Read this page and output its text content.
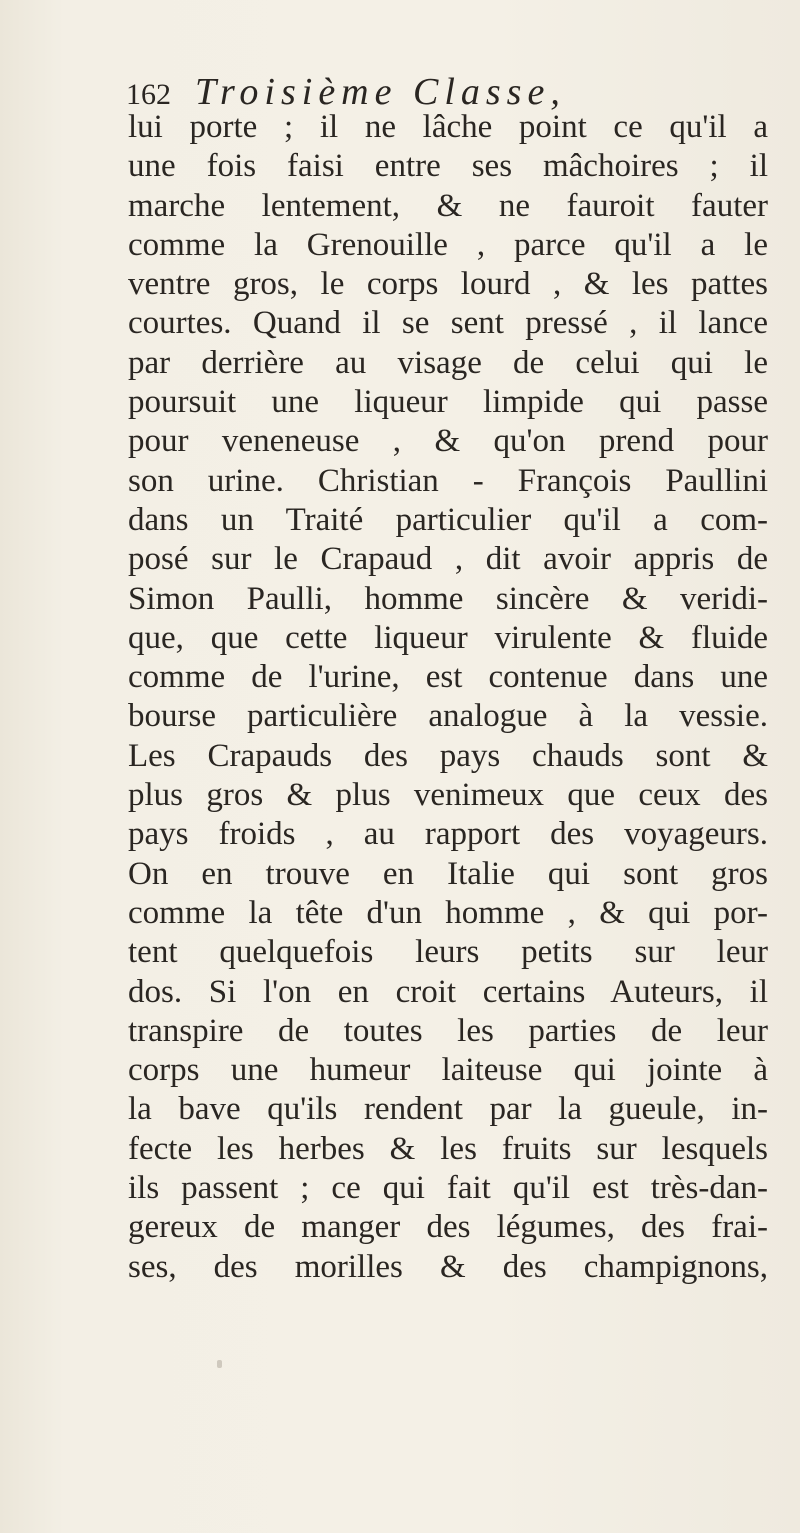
162 Troisième Classe,
lui porte ; il ne lâche point ce qu'il a
une fois faisi entre ses mâchoires ; il
marche lentement, & ne fauroit fauter
comme la Grenouille , parce qu'il a le
ventre gros, le corps lourd , & les pattes
courtes. Quand il se sent pressé , il lance
par derrière au visage de celui qui le
poursuit une liqueur limpide qui passe
pour veneneuse , & qu'on prend pour
son urine. Christian - François Paullini
dans un Traité particulier qu'il a com-
posé sur le Crapaud , dit avoir appris de
Simon Paulli, homme sincère & veridi-
que, que cette liqueur virulente & fluide
comme de l'urine, est contenue dans une
bourse particulière analogue à la vessie.
Les Crapauds des pays chauds sont &
plus gros & plus venimeux que ceux des
pays froids , au rapport des voyageurs.
On en trouve en Italie qui sont gros
comme la tête d'un homme , & qui por-
tent quelquefois leurs petits sur leur
dos. Si l'on en croit certains Auteurs, il
transpire de toutes les parties de leur
corps une humeur laiteuse qui jointe à
la bave qu'ils rendent par la gueule, in-
fecte les herbes & les fruits sur lesquels
ils passent ; ce qui fait qu'il est très-dan-
gereux de manger des légumes, des frai-
ses, des morilles & des champignons,
